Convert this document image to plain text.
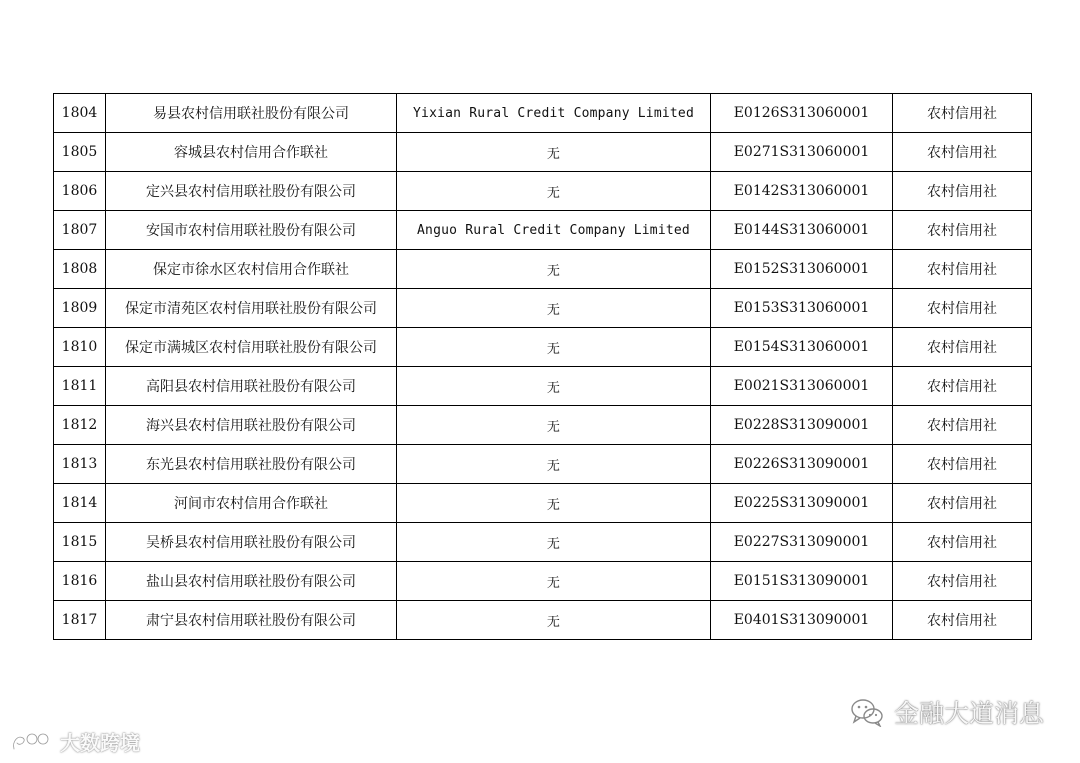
1804	易县农村信用联社股份有限公司	Yixian Rural Credit Company Limited	E0126S313060001	农村信用社
1805	容城县农村信用合作联社	无	E0271S313060001	农村信用社
1806	定兴县农村信用联社股份有限公司	无	E0142S313060001	农村信用社
1807	安国市农村信用联社股份有限公司	Anguo Rural Credit Company Limited	E0144S313060001	农村信用社
1808	保定市徐水区农村信用合作联社	无	E0152S313060001	农村信用社
1809	保定市清苑区农村信用联社股份有限公司	无	E0153S313060001	农村信用社
1810	保定市满城区农村信用联社股份有限公司	无	E0154S313060001	农村信用社
1811	高阳县农村信用联社股份有限公司	无	E0021S313060001	农村信用社
1812	海兴县农村信用联社股份有限公司	无	E0228S313090001	农村信用社
1813	东光县农村信用联社股份有限公司	无	E0226S313090001	农村信用社
1814	河间市农村信用合作联社	无	E0225S313090001	农村信用社
1815	吴桥县农村信用联社股份有限公司	无	E0227S313090001	农村信用社
1816	盐山县农村信用联社股份有限公司	无	E0151S313090001	农村信用社
1817	肃宁县农村信用联社股份有限公司	无	E0401S313090001	农村信用社
大数跨境
金融大道消息
